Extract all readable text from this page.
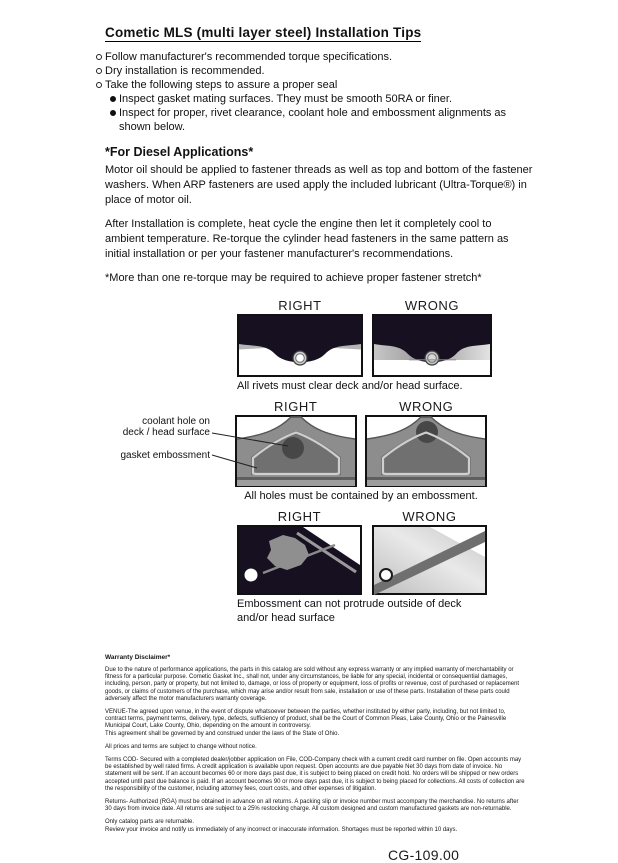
Cometic MLS (multi layer steel) Installation Tips
Follow manufacturer's recommended torque specifications.
Dry installation is recommended.
Take the following steps to assure a proper seal
Inspect gasket mating surfaces. They must be smooth 50RA or finer.
Inspect for proper, rivet clearance, coolant hole and embossment alignments as shown below.
*For Diesel Applications*

Motor oil should be applied to fastener threads as well as top and bottom of the fastener washers. When ARP fasteners are used apply the included lubricant (Ultra-Torque®) in place of motor oil.

After Installation is complete, heat cycle the engine then let it completely cool to ambient temperature. Re-torque the cylinder head fasteners in the same pattern as initial installation or per your fastener manufacturer's recommendations.

*More than one re-torque may be required to achieve proper fastener stretch*

RIGHT	WRONG
All rivets must clear deck and/or head surface.
coolant hole on
deck / head surface
gasket embossment
RIGHT	WRONG
All holes must be contained by an embossment.
RIGHT	WRONG
Embossment can not protrude outside of deck
and/or head surface
Warranty Disclaimer*

Due to the nature of performance applications, the parts in this catalog are sold without any express warranty or any implied warranty of merchantability or fitness for a particular purpose. Cometic Gasket Inc., shall not, under any circumstances, be liable for any special, incidental or consequential damages, including, person, party or property, but not limited to, damage, or loss of property or equipment, loss of profits or revenue, cost of purchased or replacement goods, or claims of customers of the purchase, which may arise and/or result from sale, installation or use of these parts. Installation of these parts could adversely affect the motor manufacturers warranty coverage.

VENUE-The agreed upon venue, in the event of dispute whatsoever between the parties, whether instituted by either party, including, but not limited to, contract terms, payment terms, delivery, type, defects, sufficiency of product, shall be the Court of Common Pleas, Lake County, Ohio or the Painesville Municipal Court, Lake County, Ohio, depending on the amount in controversy.

This agreement shall be governed by and construed under the laws of the State of Ohio.

All prices and terms are subject to change without notice.

Terms COD- Secured with a completed dealer/jobber application on File, COD-Company check with a current credit card number on file. Open accounts may be established by well rated firms. A credit application is available upon request. Open accounts are due payable Net 30 days from date of invoice. No statement will be sent. If an account becomes 60 or more days past due, it is subject to being placed on credit hold. No orders will be shipped or new orders accepted until past due balance is paid. If an account becomes 90 or more days past due, it is subject to being placed for collections. All costs of collection are the responsibility of the customer, including attorney fees, court costs, and other expenses of litigation.

Returns- Authorized (RGA) must be obtained in advance on all returns. A packing slip or invoice number must accompany the merchandise. No returns after 30 days from invoice date. All returns are subject to a 25% restocking charge. All custom designed and custom manufactured gaskets are non-returnable.

Only catalog parts are returnable.

Review your invoice and notify us immediately of any incorrect or inaccurate information. Shortages must be reported within 10 days.

CG-109.00
